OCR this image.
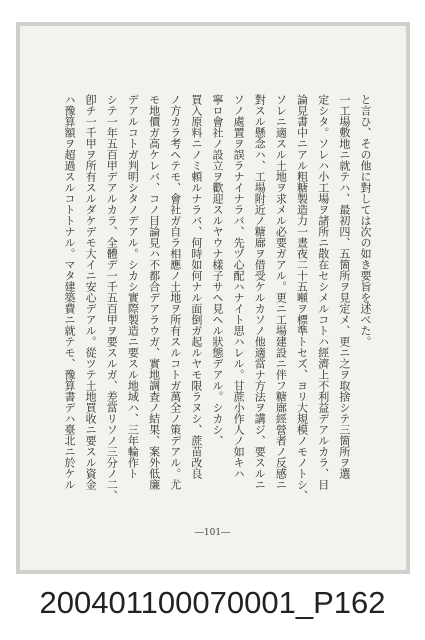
と言ひ、その他に對しては次の如き要旨を述べた。
一工場敷地ニ就テハ、最初四、五箇所ヲ見定メ、更ニ之ヲ取捨シテ三箇所ヲ選
定シタ。ソレハ小工場ヲ諸所ニ散在セシメルコトハ經濟上不利益デアルカラ、目
論見書中ニアル粗糖製造力一晝夜二十五噸ヲ標準トセズ、ヨリ大規模ノモノトシ、
ソレニ適スル土地ヲ求メル必要ガアル。更ニ工場建設ニ伴フ糖廍經營者ノ反感ニ
對スル懸念ハ、工場附近ノ糖廍ヲ借受ケルカソノ他適當ナ方法ヲ講ジ、要スルニ
ソノ處置ヲ誤ラナイナラバ、先ヅ心配ハナイト思ハレル。甘蔗小作人ノ如キハ
寧ロ會社ノ設立ヲ歡迎スルヤウナ樣子サヘ見ヘル狀態デアル。シカシ、
買入原料ニノミ頼ルナラバ、何時如何ナル面倒ガ起ルヤモ限ラヌシ、蔗苗改良
ノ方カラ考ヘテモ、會社ガ自ラ相應ノ土地ヲ所有スルコトガ萬全ノ策デアル。尤
モ地價ガ高ケレバ、コノ目論見ハ不都合デアラウガ、實地調査ノ結果、案外低廉
デアルコトガ判明シタノデアル。シカシ實際製造ニ要スル地域ハ、三年輪作ト
シテ一年五百甲デアルカラ、全體デ一千五百甲ヲ要スルガ、差當リソノ三分ノ二、
卽チ一千甲ヲ所有スルダケデモ大イニ安心デアル。從ツテ土地買收ニ要スル資金
ハ豫算額ヲ超過スルコトトナル。マタ建築費ニ就テモ、豫算書デハ臺北ニ於ケル
―101―
200401100070001_P162
